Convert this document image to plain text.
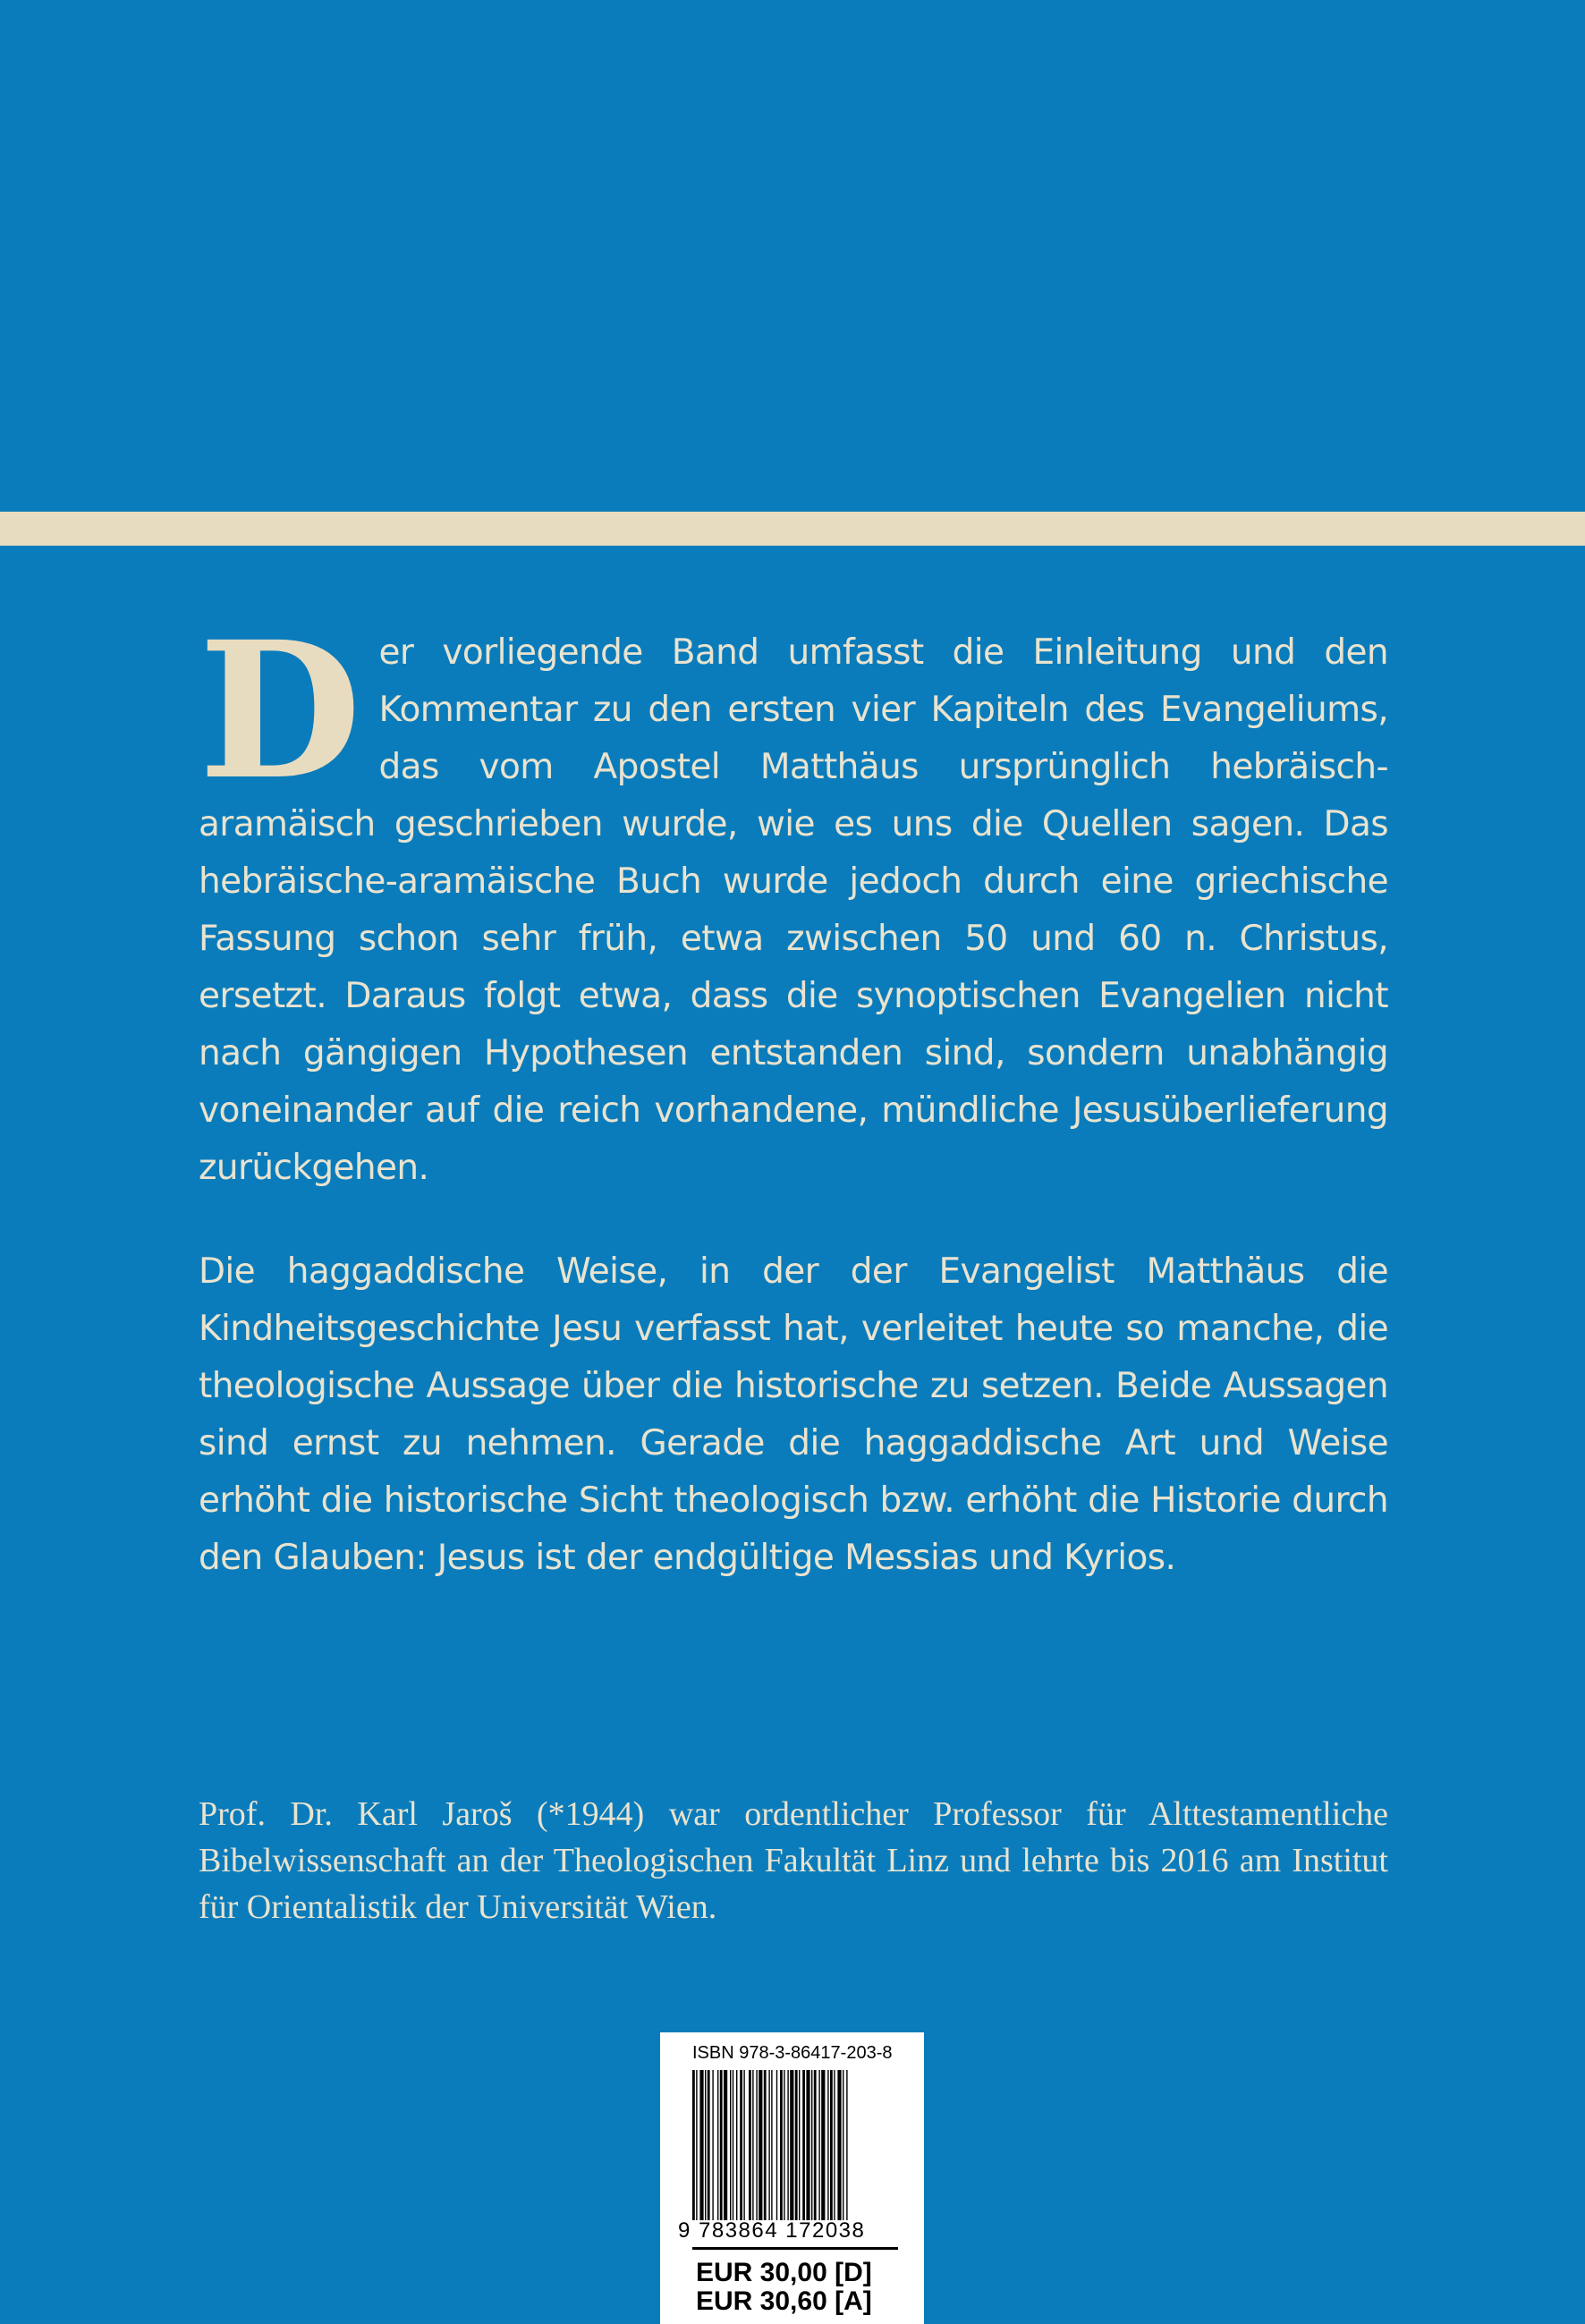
Der vorliegende Band umfasst die Einleitung und den Kommentar zu den ersten vier Kapiteln des Evangeliums, das vom Apostel Matthäus ursprünglich hebräisch-aramäisch geschrieben wurde, wie es uns die Quellen sagen. Das hebräische-aramäische Buch wurde jedoch durch eine griechische Fassung schon sehr früh, etwa zwischen 50 und 60 n. Christus, ersetzt. Daraus folgt etwa, dass die synoptischen Evangelien nicht nach gängigen Hypothesen entstanden sind, sondern unabhängig voneinander auf die reich vorhandene, mündliche Jesusüberlieferung zurückgehen.

Die haggaddische Weise, in der der Evangelist Matthäus die Kindheitsgeschichte Jesu verfasst hat, verleitet heute so manche, die theologische Aussage über die historische zu setzen. Beide Aussagen sind ernst zu nehmen. Gerade die haggaddische Art und Weise erhöht die historische Sicht theologisch bzw. erhöht die Historie durch den Glauben: Jesus ist der endgültige Messias und Kyrios.

Prof. Dr. Karl Jaroš (*1944) war ordentlicher Professor für Alttestamentliche Bibelwissenschaft an der Theologischen Fakultät Linz und lehrte bis 2016 am Institut für Orientalistik der Universität Wien.
ISBN 978-3-86417-203-8
9 783864 172038
EUR 30,00 [D]
EUR 30,60 [A]
